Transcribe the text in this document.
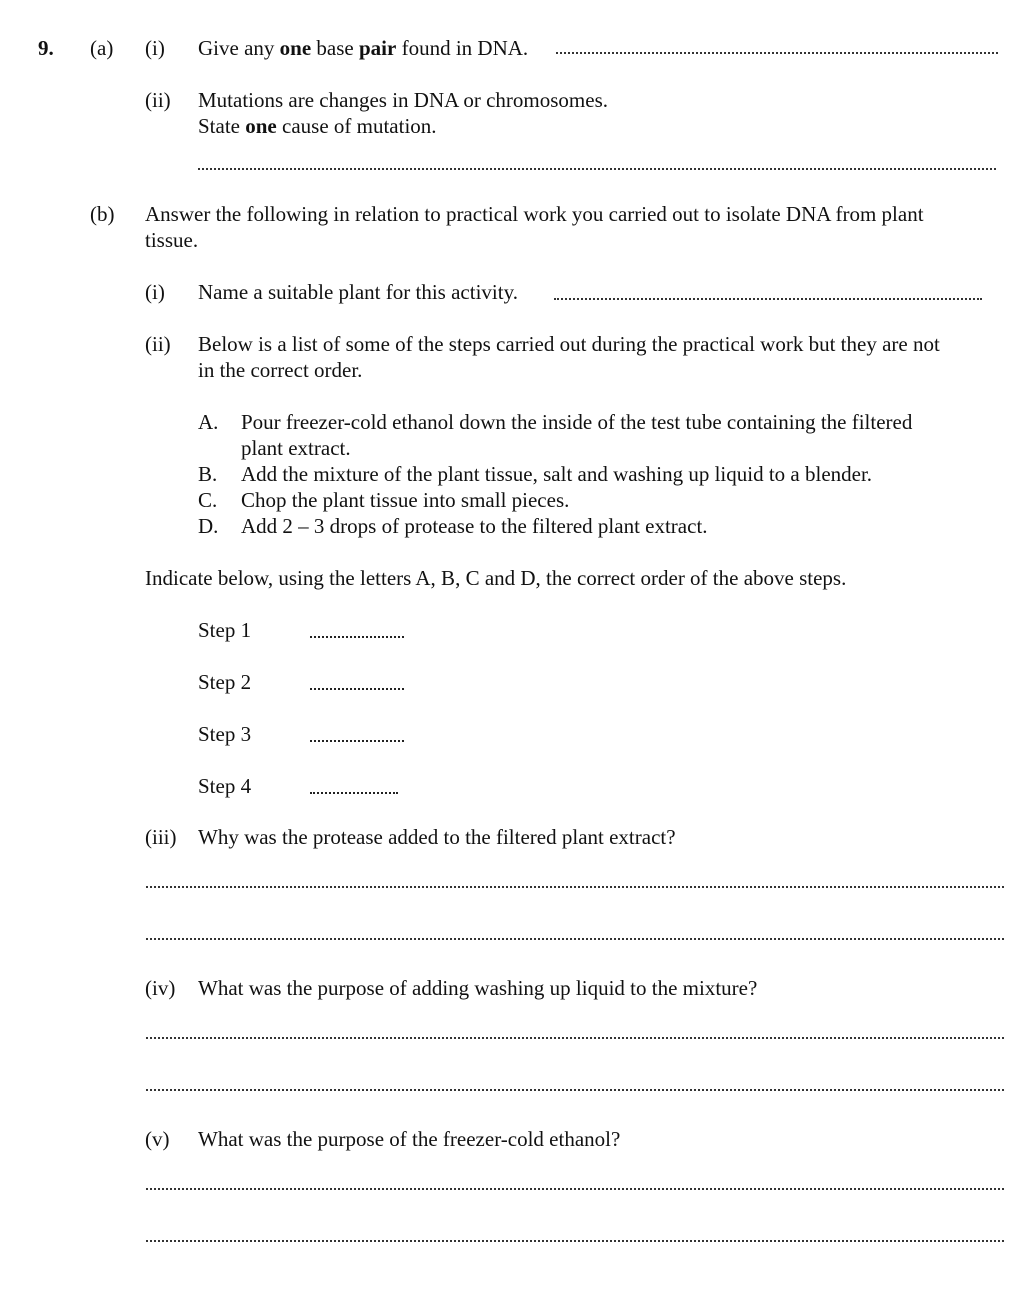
9. (a) (i) Give any one base pair found in DNA.
(ii) Mutations are changes in DNA or chromosomes.
State one cause of mutation.
(b) Answer the following in relation to practical work you carried out to isolate DNA from plant
tissue.
(i) Name a suitable plant for this activity.
(ii) Below is a list of some of the steps carried out during the practical work but they are not
in the correct order.
A. Pour freezer-cold ethanol down the inside of the test tube containing the filtered
plant extract.
B. Add the mixture of the plant tissue, salt and washing up liquid to a blender.
C. Chop the plant tissue into small pieces.
D. Add 2 – 3 drops of protease to the filtered plant extract.
Indicate below, using the letters A, B, C and D, the correct order of the above steps.
Step 1
Step 2
Step 3
Step 4
(iii) Why was the protease added to the filtered plant extract?
(iv) What was the purpose of adding washing up liquid to the mixture?
(v) What was the purpose of the freezer-cold ethanol?
